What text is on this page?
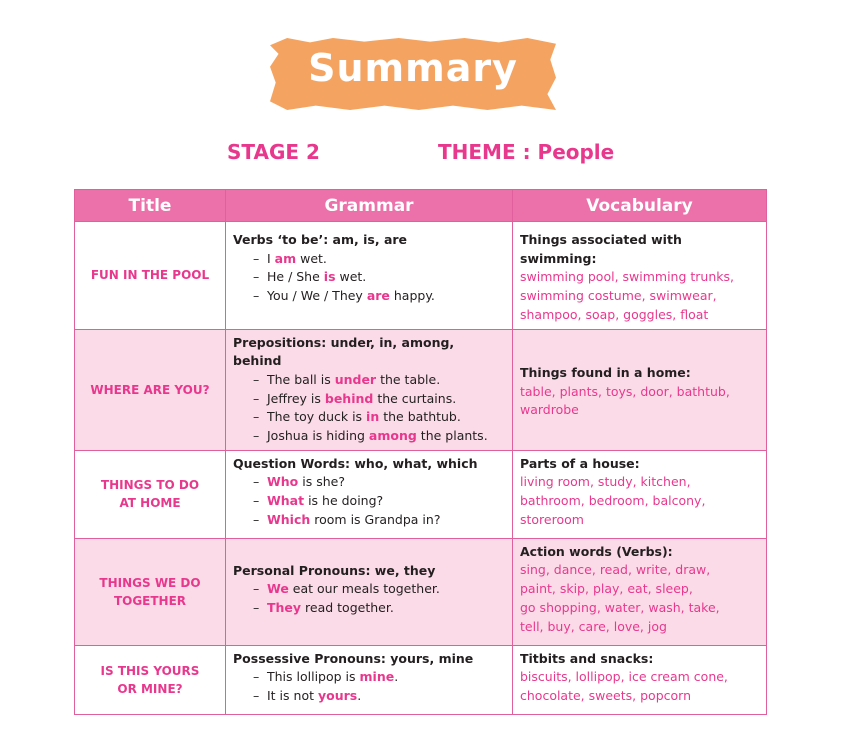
Summary
STAGE 2	THEME : People
Title	Grammar	Vocabulary
FUN IN THE POOL	Verbs ‘to be’: am, is, are
– I am wet.
– He / She is wet.
– You / We / They are happy.	Things associated with swimming:
swimming pool, swimming trunks,
swimming costume, swimwear,
shampoo, soap, goggles, float

WHERE ARE YOU?	Prepositions: under, in, among, behind
– The ball is under the table.
– Jeffrey is behind the curtains.
– The toy duck is in the bathtub.
– Joshua is hiding among the plants.	Things found in a home:
table, plants, toys, door, bathtub,
wardrobe

THINGS TO DO
AT HOME	Question Words: who, what, which
– Who is she?
– What is he doing?
– Which room is Grandpa in?	Parts of a house:
living room, study, kitchen,
bathroom, bedroom, balcony,
storeroom

THINGS WE DO
TOGETHER	Personal Pronouns: we, they
– We eat our meals together.
– They read together.	Action words (Verbs):
sing, dance, read, write, draw,
paint, skip, play, eat, sleep,
go shopping, water, wash, take,
tell, buy, care, love, jog

IS THIS YOURS
OR MINE?	Possessive Pronouns: yours, mine
– This lollipop is mine.
– It is not yours.	Titbits and snacks:
biscuits, lollipop, ice cream cone,
chocolate, sweets, popcorn
